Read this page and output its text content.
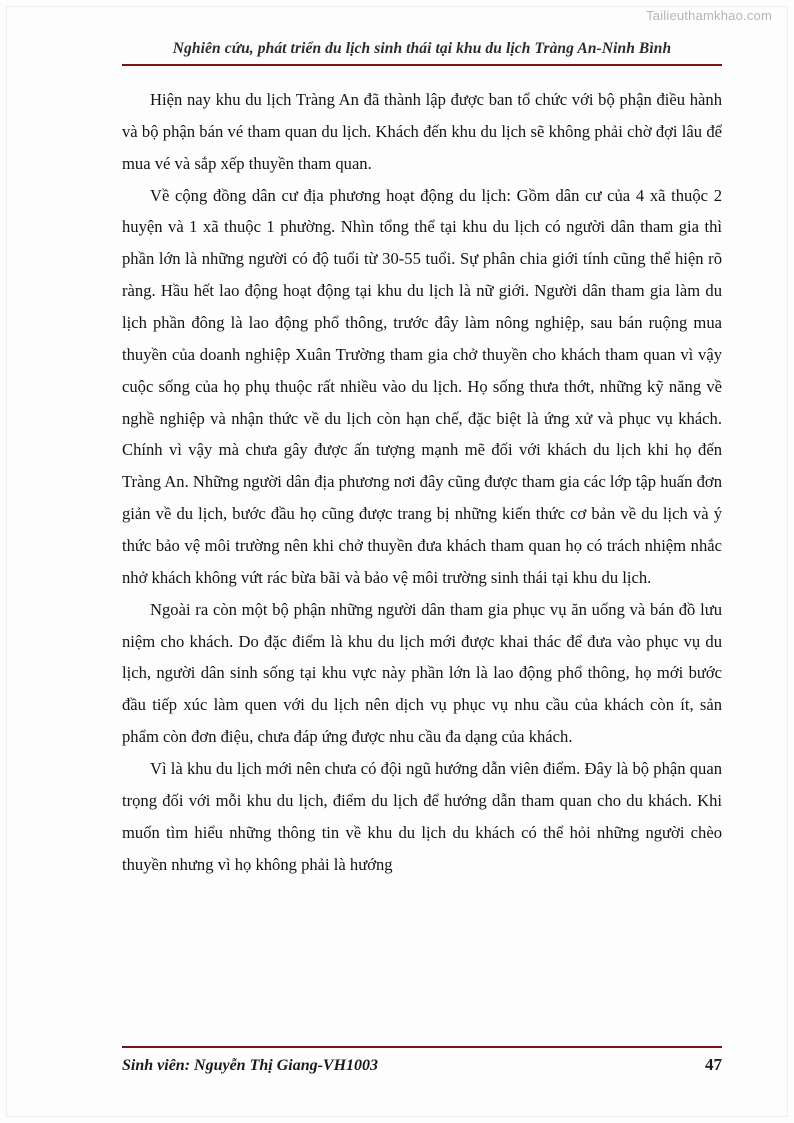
Tailieuthamkhao.com
Nghiên cứu, phát triển du lịch sinh thái tại khu du lịch Tràng An-Ninh Bình

Hiện nay khu du lịch Tràng An đã thành lập được ban tổ chức với bộ phận điều hành và bộ phận bán vé tham quan du lịch. Khách đến khu du lịch sẽ không phải chờ đợi lâu để mua vé và sắp xếp thuyền tham quan.

Về cộng đồng dân cư địa phương hoạt động du lịch: Gồm dân cư của 4 xã thuộc 2 huyện và 1 xã thuộc 1 phường. Nhìn tổng thể tại khu du lịch có người dân tham gia thì phần lớn là những người có độ tuổi từ 30-55 tuổi. Sự phân chia giới tính cũng thể hiện rõ ràng. Hầu hết lao động hoạt động tại khu du lịch là nữ giới. Người dân tham gia làm du lịch phần đông là lao động phổ thông, trước đây làm nông nghiệp, sau bán ruộng mua thuyền của doanh nghiệp Xuân Trường tham gia chở thuyền cho khách tham quan vì vậy cuộc sống của họ phụ thuộc rất nhiều vào du lịch. Họ sống thưa thớt, những kỹ năng về nghề nghiệp và nhận thức về du lịch còn hạn chế, đặc biệt là ứng xử và phục vụ khách. Chính vì vậy mà chưa gây được ấn tượng mạnh mẽ đối với khách du lịch khi họ đến Tràng An. Những người dân địa phương nơi đây cũng được tham gia các lớp tập huấn đơn giản về du lịch, bước đầu họ cũng được trang bị những kiến thức cơ bản về du lịch và ý thức bảo vệ môi trường nên khi chở thuyền đưa khách tham quan họ có trách nhiệm nhắc nhở khách không vứt rác bừa bãi và bảo vệ môi trường sinh thái tại khu du lịch.

Ngoài ra còn một bộ phận những người dân tham gia phục vụ ăn uống và bán đồ lưu niệm cho khách. Do đặc điểm là khu du lịch mới được khai thác để đưa vào phục vụ du lịch, người dân sinh sống tại khu vực này phần lớn là lao động phổ thông, họ mới bước đầu tiếp xúc làm quen với du lịch nên dịch vụ phục vụ nhu cầu của khách còn ít, sản phẩm còn đơn điệu, chưa đáp ứng được nhu cầu đa dạng của khách.

Vì là khu du lịch mới nên chưa có đội ngũ hướng dẫn viên điểm. Đây là bộ phận quan trọng đối với mỗi khu du lịch, điểm du lịch để hướng dẫn tham quan cho du khách. Khi muốn tìm hiểu những thông tin về khu du lịch du khách có thể hỏi những người chèo thuyền nhưng vì họ không phải là hướng

Sinh viên: Nguyễn Thị Giang-VH1003	47
